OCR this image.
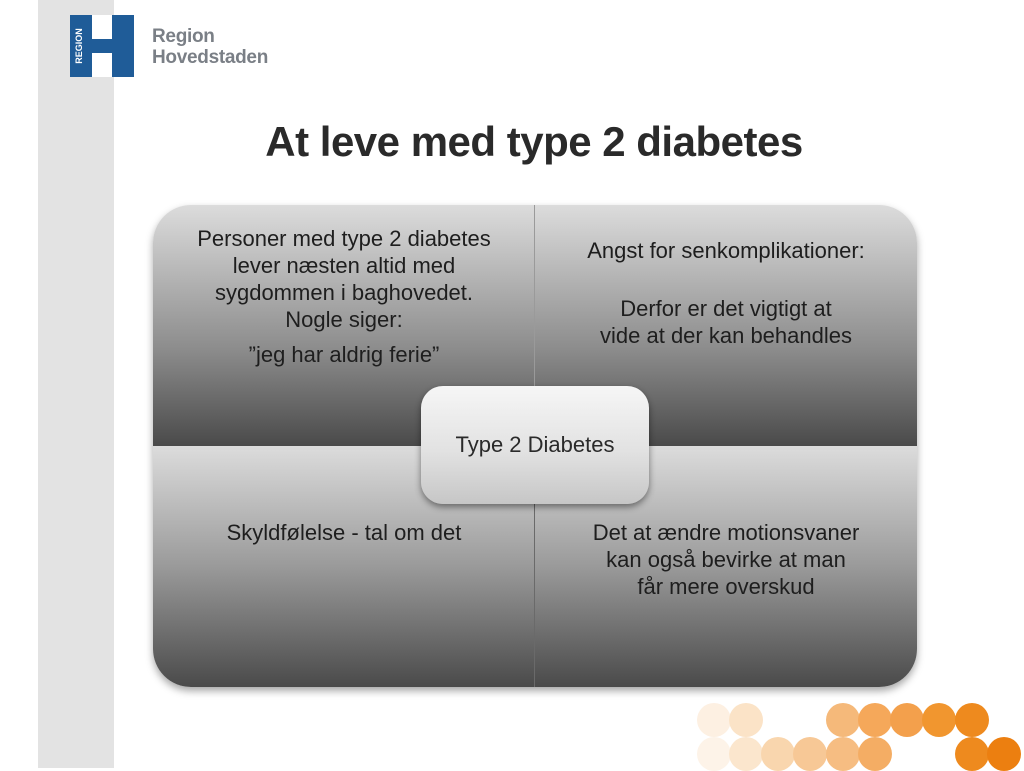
REGION	Region
Hovedstaden
At leve med type 2 diabetes
Personer med type 2 diabetes
lever næsten altid med
sygdommen i baghovedet.
Nogle siger:
”jeg har aldrig ferie”
Angst for senkomplikationer:
Derfor er det vigtigt at
vide at der kan behandles
Skyldfølelse - tal om det	Det at ændre motionsvaner
kan også bevirke at man
får mere overskud
Type 2 Diabetes
